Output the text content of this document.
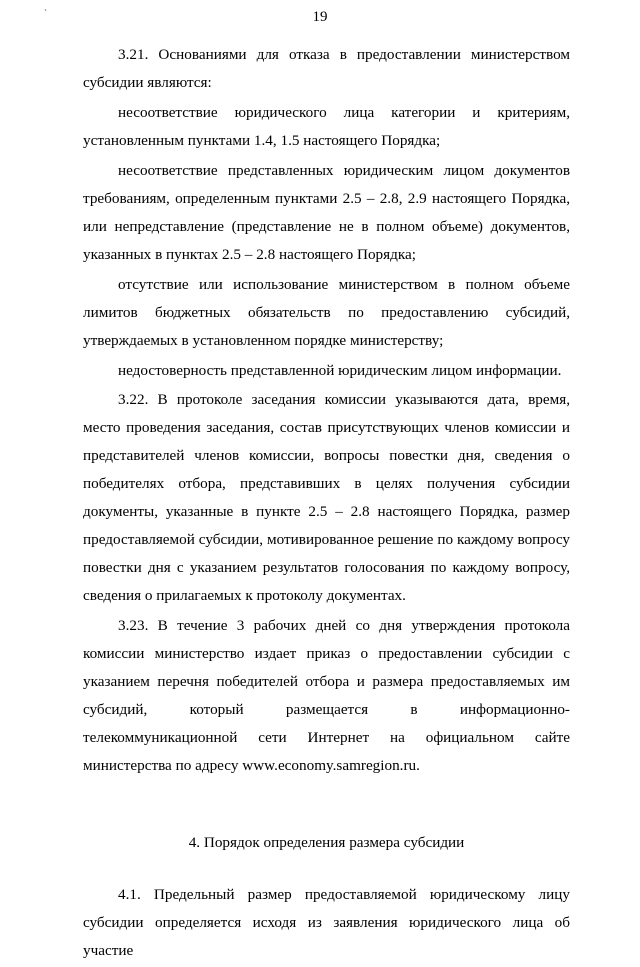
`	19

3.21. Основаниями для отказа в предоставлении министерством субсидии являются:

несоответствие юридического лица категории и критериям, установленным пунктами 1.4, 1.5 настоящего Порядка;

несоответствие представленных юридическим лицом документов требованиям, определенным пунктами 2.5 – 2.8, 2.9 настоящего Порядка, или непредставление (представление не в полном объеме) документов, указанных в пунктах 2.5 – 2.8 настоящего Порядка;

отсутствие или использование министерством в полном объеме лимитов бюджетных обязательств по предоставлению субсидий, утверждаемых в установленном порядке министерству;

недостоверность представленной юридическим лицом информации.

3.22. В протоколе заседания комиссии указываются дата, время, место проведения заседания, состав присутствующих членов комиссии и представителей членов комиссии, вопросы повестки дня, сведения о победителях отбора, представивших в целях получения субсидии документы, указанные в пункте 2.5 – 2.8 настоящего Порядка, размер предоставляемой субсидии, мотивированное решение по каждому вопросу повестки дня с указанием результатов голосования по каждому вопросу, сведения о прилагаемых к протоколу документах.

3.23. В течение 3 рабочих дней со дня утверждения протокола комиссии министерство издает приказ о предоставлении субсидии с указанием перечня победителей отбора и размера предоставляемых им субсидий, который размещается в информационно-телекоммуникационной сети Интернет на официальном сайте министерства по адресу www.economy.samregion.ru.

4. Порядок определения размера субсидии

4.1. Предельный размер предоставляемой юридическому лицу субсидии определяется исходя из заявления юридического лица об участие
